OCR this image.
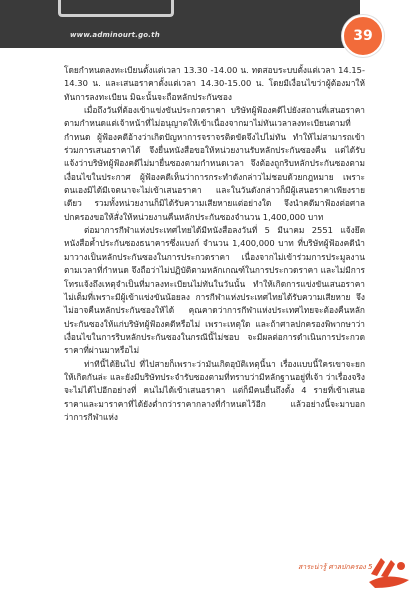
www.adminourt.go.th	39

โดยกำหนดลงทะเบียนตั้งแต่เวลา 13.30 -14.00 น. ทดสอบระบบตั้งแต่เวลา 14.15-14.30 น. และเสนอราคาตั้งแต่เวลา 14.30-15.00 น. โดยมีเงื่อนไขว่าผู้ต้องมาให้ทันการลงทะเบียน มิฉะนั้นจะถือหลักประกันซอง

เมื่อถึงวันที่ต้องเข้าแข่งขันประกวดราคา บริษัทผู้ฟ้องคดีไปยังสถานที่เสนอราคาตามกำหนดแต่เจ้าหน้าที่ไม่อนุญาตให้เข้าเนื่องจากมาไม่ทันเวลาลงทะเบียนตามที่กำหนด ผู้ฟ้องคดีอ้างว่าเกิดปัญหาการจราจรติดขัดจึงไปไม่ทัน ทำให้ไม่สามารถเข้าร่วมการเสนอราคาได้ จึงยื่นหนังสือขอให้หน่วยงานรับหลักประกันซองคืน แต่ได้รับแจ้งว่าบริษัทผู้ฟ้องคดีไม่มายื่นซองตามกำหนดเวลา จึงต้องถูกริบหลักประกันซองตามเงื่อนไขในประกาศ ผู้ฟ้องคดีเห็นว่าการกระทำดังกล่าวไม่ชอบด้วยกฎหมาย เพราะตนเองมิได้มีเจตนาจะไม่เข้าเสนอราคา และในวันดังกล่าวก็มีผู้เสนอราคาเพียงรายเดียว รวมทั้งหน่วยงานก็มิได้รับความเสียหายแต่อย่างใด จึงนำคดีมาฟ้องต่อศาลปกครองขอให้สั่งให้หน่วยงานคืนหลักประกันซองจำนวน 1,400,000 บาท

ต่อมาการกีฬาแห่งประเทศไทยได้มีหนังสือลงวันที่ 5 มีนาคม 2551 แจ้งยึดหนังสือค้ำประกันซองธนาคารซึ่งแบงก์ จำนวน 1,400,000 บาท ที่บริษัทผู้ฟ้องคดีนำมาวางเป็นหลักประกันซองในการประกวดราคา เนื่องจากไม่เข้าร่วมการประมูลงานตามเวลาที่กำหนด จึงถือว่าไม่ปฏิบัติตามหลักเกณฑ์ในการประกวดราคา และไม่มีการโทรแจ้งถึงเหตุจำเป็นที่มาลงทะเบียนไม่ทันในวันนั้น ทำให้เกิดการแข่งขันเสนอราคาไม่เต็มที่เพราะมีผู้เข้าแข่งขันน้อยลง การกีฬาแห่งประเทศไทยได้รับความเสียหาย จึงไม่อาจคืนหลักประกันซองให้ได้ คุณคาดว่าการกีฬาแห่งประเทศไทยจะต้องคืนหลักประกันซองให้แก่บริษัทผู้ฟ้องคดีหรือไม่ เพราะเหตุใด และถ้าศาลปกครองพิพากษาว่าเงื่อนไขในการริบหลักประกันซองในกรณีนี้ไม่ชอบ จะมีผลต่อการดำเนินการประกวดราคาที่ผ่านมาหรือไม่

ท่าทีนี้ได้ยินไป ที่ไปสายก็เพราะว่ามันเกิดอุบัติเหตุนี้นา เรื่องแบบนี้ใครเขาจะยกให้เกิดกันล่ะ และยังมีบริษัทประจำรับซองตามที่ทราบว่ามีหลักฐานอยู่ที่เจ้า ว่าเรื่องจริงจะไม่ได้ไปอีกอย่างที่ คนไม่ได้เข้าเสนอราคา แต่ก็มีคนยื่นถึงตั้ง 4 รายที่เข้าเสนอราคาและมาราคาที่ได้ยังต่ำกว่าราคากลางที่กำหนดไว้อีก แล้วอย่างนี้จะมาบอกว่าการกีฬาแห่ง

สาระน่ารู้ ศาลปกครอง 5
